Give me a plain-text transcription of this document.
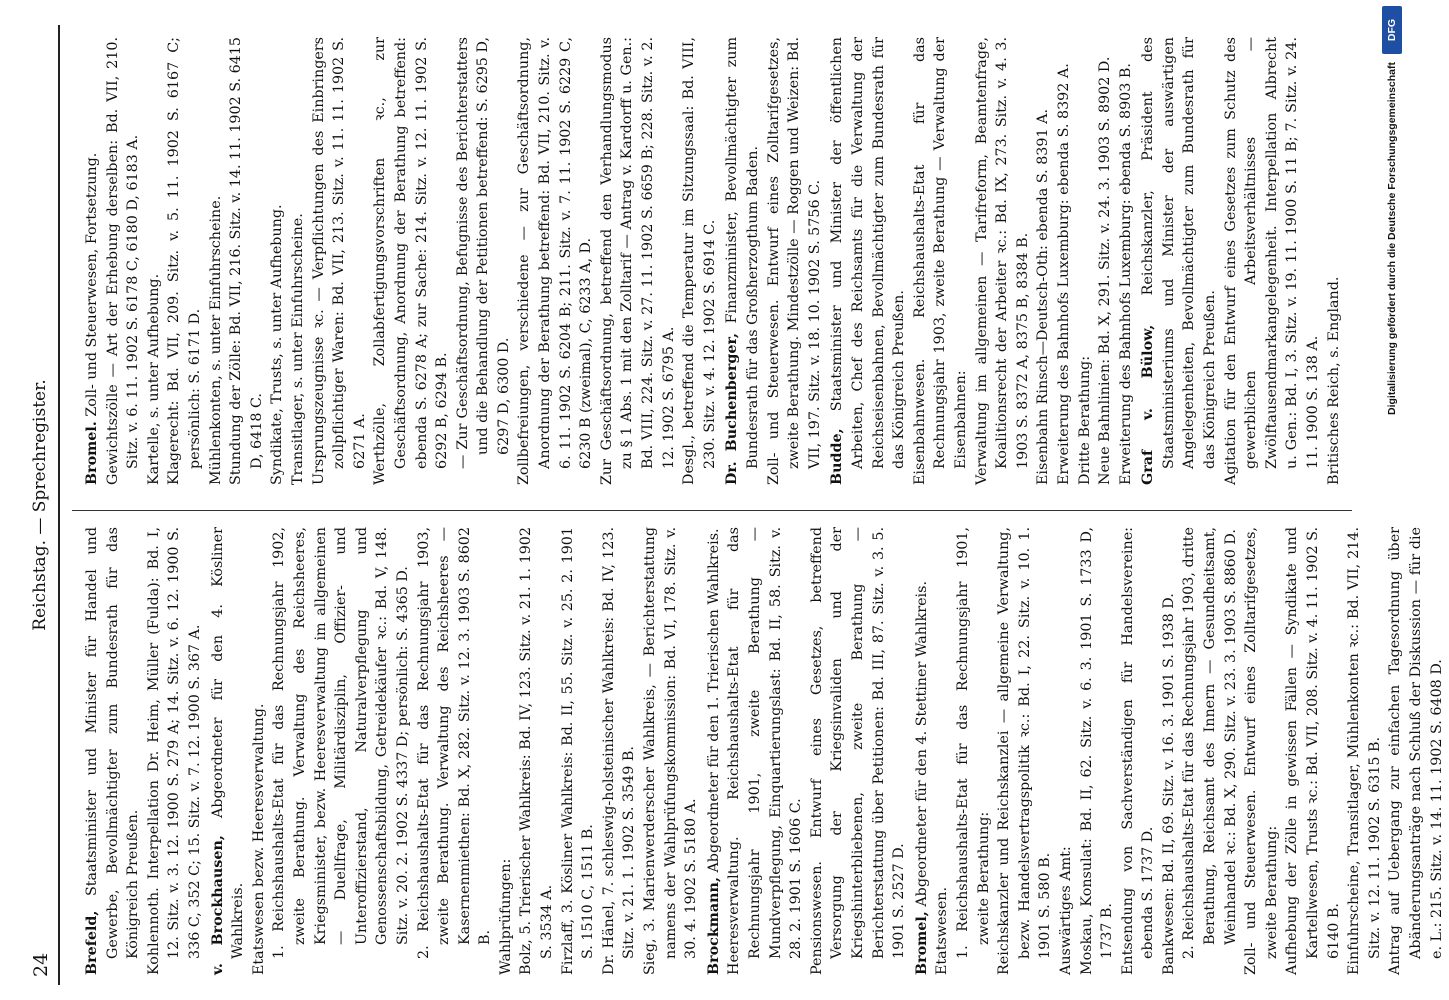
24
Reichstag. — Sprechregister.

Brefeld, Staatsminister und Minister für Handel und Gewerbe, Bevollmächtigter zum Bundesrath für das Königreich Preußen. Kohlennoth. Interpellation Dr. Heim, Müller (Fulda): Bd. I, 12. Sitz. v. 3. 12. 1900 S. 279 A; 14. Sitz. v. 6. 12. 1900 S. 336 C, 352 C; 15. Sitz. v. 7. 12. 1900 S. 367 A. v. Brockhausen, Abgeordneter für den 4. Kösliner Wahlkreis. Etatswesen bezw. Heeresverwaltung. 1. Reichshaushalts-Etat für das Rechnungsjahr 1902, zweite Berathung. Verwaltung des Reichsheeres, Kriegsminister, bezw. Heeresverwaltung im allgemeinen — Duellfrage, Militärdisziplin, Offizier- und Unteroffizierstand, Naturalverpflegung und Genossenschaftsbildung, Getreidekäufer ꝛc.: Bd. V, 148. Sitz. v. 20. 2. 1902 S. 4337 D; persönlich: S. 4365 D. 2. Reichshaushalts-Etat für das Rechnungsjahr 1903, zweite Berathung. Verwaltung des Reichsheeres — Kasernenmiethen: Bd. X, 282. Sitz. v. 12. 3. 1903 S. 8602 B. Wahlprüfungen: Bolz, 5. Trierischer Wahlkreis: Bd. IV, 123. Sitz. v. 21. 1. 1902 S. 3534 A. Firzlaff, 3. Kösliner Wahlkreis: Bd. II, 55. Sitz. v. 25. 2. 1901 S. 1510 C, 1511 B. Dr. Hänel, 7. schleswig-holsteinischer Wahlkreis: Bd. IV, 123. Sitz. v. 21. 1. 1902 S. 3549 B. Sieg, 3. Marienwerderscher Wahlkreis, — Berichterstattung namens der Wahlprüfungskommission: Bd. VI, 178. Sitz. v. 30. 4. 1902 S. 5180 A. Brockmann, Abgeordneter für den 1. Trierischen Wahlkreis. Heeresverwaltung. Reichshaushalts-Etat für das Rechnungsjahr 1901, zweite Berathung — Mundverpflegung, Einquartierungslast: Bd. II, 58. Sitz. v. 28. 2. 1901 S. 1606 C. Pensionswesen. Entwurf eines Gesetzes, betreffend Versorgung der Kriegsinvaliden und der Kriegshinterbliebenen, zweite Berathung — Berichterstattung über Petitionen: Bd. III, 87. Sitz. v. 3. 5. 1901 S. 2527 D. Bromel, Abgeordneter für den 4. Stettiner Wahlkreis.

Etatswesen. 1. Reichshaushalts-Etat für das Rechnungsjahr 1901, zweite Berathung: Reichskanzler und Reichskanzlei — allgemeine Verwaltung, bezw. Handelsvertragspolitik ꝛc.: Bd. I, 22. Sitz. v. 10. 1. 1901 S. 580 B. Auswärtiges Amt: Moskau, Konsulat: Bd. II, 62. Sitz. v. 6. 3. 1901 S. 1733 D, 1737 B. Entsendung von Sachverständigen für Handelsvereine: ebenda S. 1737 D. Bankwesen: Bd. II, 69. Sitz. v. 16. 3. 1901 S. 1938 D. 2. Reichshaushalts-Etat für das Rechnungsjahr 1903, dritte Berathung, Reichsamt des Innern — Gesundheitsamt, Weinhandel ꝛc.: Bd. X, 290. Sitz. v. 23. 3. 1903 S. 8860 D. Zoll- und Steuerwesen. Entwurf eines Zolltarifgesetzes, zweite Berathung: Aufhebung der Zölle in gewissen Fällen — Syndikate und Kartellwesen, Trusts ꝛc.: Bd. VII, 208. Sitz. v. 4. 11. 1902 S. 6140 B. Einfuhrscheine, Transitlager, Mühlenkonten ꝛc.: Bd. VII, 214. Sitz. v. 12. 11. 1902 S. 6315 B. Antrag auf Uebergang zur einfachen Tagesordnung über Abänderungsanträge nach Schluß der Diskussion — für die e. L.: 215. Sitz. v. 14. 11. 1902 S. 6408 D.

Bromel. Zoll- und Steuerwesen, Fortsetzung. Gewichtszölle — Art der Erhebung derselben: Bd. VII, 210. Sitz. v. 6. 11. 1902 S. 6178 C, 6180 D, 6183 A. Kartelle, s. unter Aufhebung. Klagerecht: Bd. VII, 209. Sitz. v. 5. 11. 1902 S. 6167 C; persönlich: S. 6171 D. Mühlenkonten, s. unter Einfuhrscheine. Stundung der Zölle: Bd. VII, 216. Sitz. v. 14. 11. 1902 S. 6415 D, 6418 C. Syndikate, Trusts, s. unter Aufhebung. Transitlager, s. unter Einfuhrscheine. Ursprungszeugnisse ꝛc. — Verpflichtungen des Einbringers zollpflichtiger Waren: Bd. VII, 213. Sitz. v. 11. 11. 1902 S. 6271 A. Werthzölle, Zollabfertigungsvorschriften ꝛc., zur Geschäftsordnung, Anordnung der Berathung betreffend: ebenda S. 6278 A; zur Sache: 214. Sitz. v. 12. 11. 1902 S. 6292 B, 6294 B. — Zur Geschäftsordnung, Befugnisse des Berichterstatters und die Behandlung der Petitionen betreffend: S. 6295 D, 6297 D, 6300 D. Zollbefreiungen, verschiedene — zur Geschäftsordnung, Anordnung der Berathung betreffend: Bd. VII, 210. Sitz. v. 6. 11. 1902 S. 6204 B; 211. Sitz. v. 7. 11. 1902 S. 6229 C, 6230 B (zweimal), C, 6233 A, D. Zur Geschäftsordnung, betreffend den Verhandlungsmodus zu § 1 Abs. 1 mit den Zolltarif — Antrag v. Kardorff u. Gen.: Bd. VIII, 224. Sitz. v. 27. 11. 1902 S. 6659 B; 228. Sitz. v. 2. 12. 1902 S. 6795 A. Desgl., betreffend die Temperatur im Sitzungssaal: Bd. VIII, 230. Sitz. v. 4. 12. 1902 S. 6914 C. Dr. Buchenberger, Finanzminister, Bevollmächtigter zum Bundesrath für das Großherzogthum Baden. Zoll- und Steuerwesen. Entwurf eines Zolltarifgesetzes, zweite Berathung. Mindestzölle — Roggen und Weizen: Bd. VII, 197. Sitz. v. 18. 10. 1902 S. 5756 C. Budde, Staatsminister und Minister der öffentlichen Arbeiten, Chef des Reichsamts für die Verwaltung der Reichseisenbahnen, Bevollmächtigter zum Bundesrath für das Königreich Preußen. Eisenbahnwesen. Reichshaushalts-Etat für das Rechnungsjahr 1903, zweite Berathung — Verwaltung der Eisenbahnen: Verwaltung im allgemeinen — Tarifreform, Beamtenfrage, Koalitionsrecht der Arbeiter ꝛc.: Bd. IX, 273. Sitz. v. 4. 3. 1903 S. 8372 A, 8375 B, 8384 B. Eisenbahn Rinsch—Deutsch-Oth: ebenda S. 8391 A. Erweiterung des Bahnhofs Luxemburg: ebenda S. 8392 A. Dritte Berathung: Neue Bahnlinien: Bd. X, 291. Sitz. v. 24. 3. 1903 S. 8902 D. Erweiterung des Bahnhofs Luxemburg: ebenda S. 8903 B. Graf v. Bülow, Reichskanzler, Präsident des Staatsministeriums und Minister der auswärtigen Angelegenheiten, Bevollmächtigter zum Bundesrath für das Königreich Preußen. Agitation für den Entwurf eines Gesetzes zum Schutz des gewerblichen Arbeitsverhältnisses — Zwölftausendmarkangelegenheit. Interpellation Albrecht u. Gen.: Bd. I, 3. Sitz. v. 19. 11. 1900 S. 11 B; 7. Sitz. v. 24. 11. 1900 S. 138 A. Britisches Reich, s. England.	Digitalisierung gefördert durch die Deutsche Forschungsgemeinschaft
DFG
